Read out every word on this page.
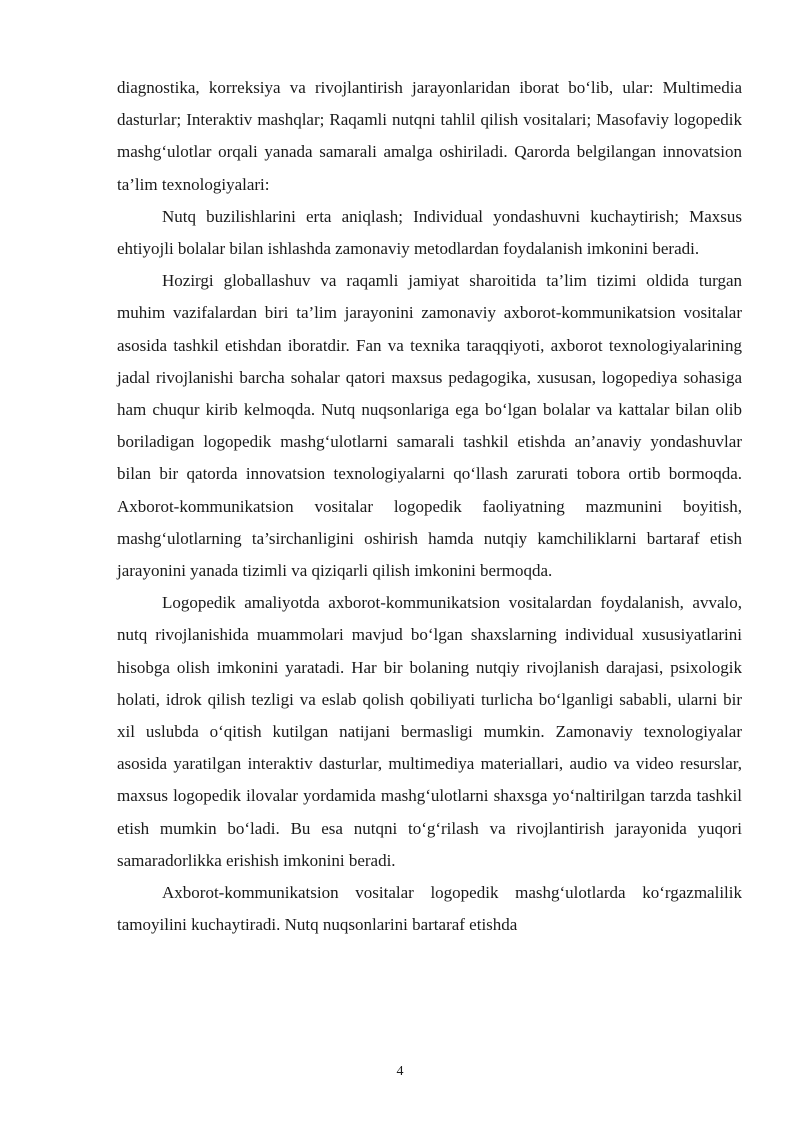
diagnostika, korreksiya va rivojlantirish jarayonlaridan iborat bo‘lib, ular: Multimedia dasturlar; Interaktiv mashqlar; Raqamli nutqni tahlil qilish vositalari; Masofaviy logopedik mashg‘ulotlar orqali yanada samarali amalga oshiriladi. Qarorda belgilangan innovatsion ta’lim texnologiyalari:

Nutq buzilishlarini erta aniqlash; Individual yondashuvni kuchaytirish; Maxsus ehtiyojli bolalar bilan ishlashda zamonaviy metodlardan foydalanish imkonini beradi.

Hozirgi globallashuv va raqamli jamiyat sharoitida ta’lim tizimi oldida turgan muhim vazifalardan biri ta’lim jarayonini zamonaviy axborot-kommunikatsion vositalar asosida tashkil etishdan iboratdir. Fan va texnika taraqqiyoti, axborot texnologiyalarining jadal rivojlanishi barcha sohalar qatori maxsus pedagogika, xususan, logopediya sohasiga ham chuqur kirib kelmoqda. Nutq nuqsonlariga ega bo‘lgan bolalar va kattalar bilan olib boriladigan logopedik mashg‘ulotlarni samarali tashkil etishda an’anaviy yondashuvlar bilan bir qatorda innovatsion texnologiyalarni qo‘llash zarurati tobora ortib bormoqda. Axborot-kommunikatsion vositalar logopedik faoliyatning mazmunini boyitish, mashg‘ulotlarning ta’sirchanligini oshirish hamda nutqiy kamchiliklarni bartaraf etish jarayonini yanada tizimli va qiziqarli qilish imkonini bermoqda.

Logopedik amaliyotda axborot-kommunikatsion vositalardan foydalanish, avvalo, nutq rivojlanishida muammolari mavjud bo‘lgan shaxslarning individual xususiyatlarini hisobga olish imkonini yaratadi. Har bir bolaning nutqiy rivojlanish darajasi, psixologik holati, idrok qilish tezligi va eslab qolish qobiliyati turlicha bo‘lganligi sababli, ularni bir xil uslubda o‘qitish kutilgan natijani bermasligi mumkin. Zamonaviy texnologiyalar asosida yaratilgan interaktiv dasturlar, multimediya materiallari, audio va video resurslar, maxsus logopedik ilovalar yordamida mashg‘ulotlarni shaxsga yo‘naltirilgan tarzda tashkil etish mumkin bo‘ladi. Bu esa nutqni to‘g‘rilash va rivojlantirish jarayonida yuqori samaradorlikka erishish imkonini beradi.

Axborot-kommunikatsion vositalar logopedik mashg‘ulotlarda ko‘rgazmalilik tamoyilini kuchaytiradi. Nutq nuqsonlarini bartaraf etishda

4
